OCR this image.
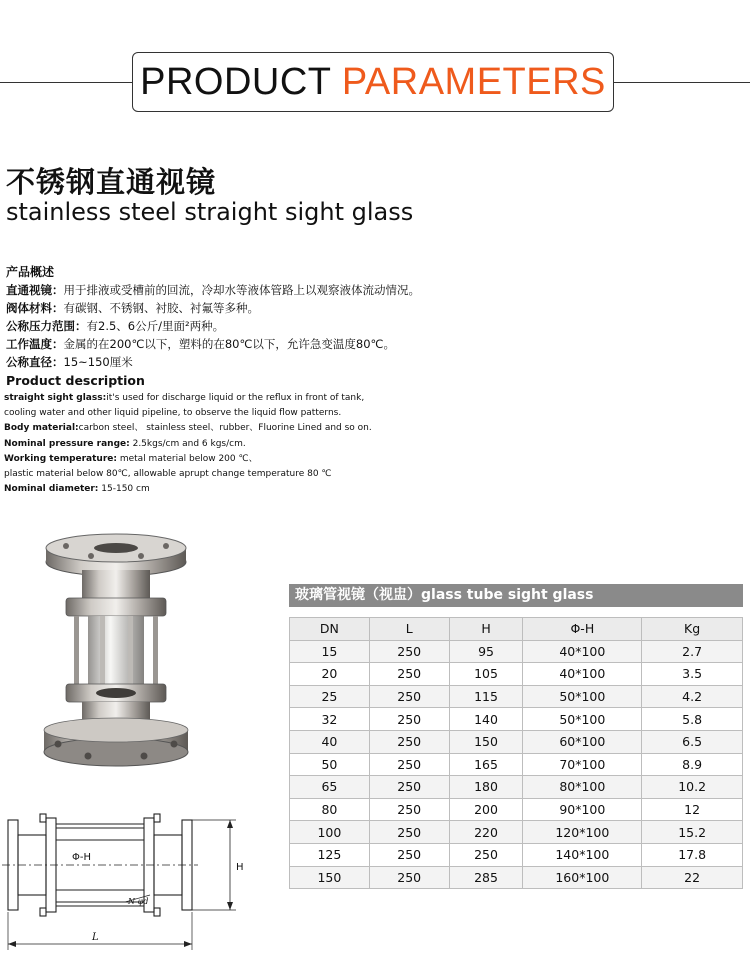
PRODUCT PARAMETERS
不锈钢直通视镜
stainless steel straight sight glass
产品概述
直通视镜：用于排液或受槽前的回流，冷却水等液体管路上以观察液体流动情况。
阀体材料：有碳钢、不锈钢、衬胶、衬氟等多种。
公称压力范围：有2.5、6公斤/里面²两种。
工作温度：金属的在200℃以下，塑料的在80℃以下，允许急变温度80℃。
公称直径：15~150厘米
Product description
straight sight glass:it's used for discharge liquid or the reflux in front of tank,
cooling water and other liquid pipeline, to observe the liquid flow patterns.
Body material:carbon steel、 stainless steel、rubber、Fluorine Lined and so on.
Nominal pressure range: 2.5kgs/cm and 6 kgs/cm.
Working temperature: metal material below 200 ℃、
plastic material below 80℃, allowable aprupt change temperature 80 ℃
Nominal diameter: 15-150 cm
Φ-H
H
L
N-φd
玻璃管视镜（视盅）glass tube sight glass
DN	L	H	Φ-H	Kg
15	250	95	40*100	2.7
20	250	105	40*100	3.5
25	250	115	50*100	4.2
32	250	140	50*100	5.8
40	250	150	60*100	6.5
50	250	165	70*100	8.9
65	250	180	80*100	10.2
80	250	200	90*100	12
100	250	220	120*100	15.2
125	250	250	140*100	17.8
150	250	285	160*100	22
